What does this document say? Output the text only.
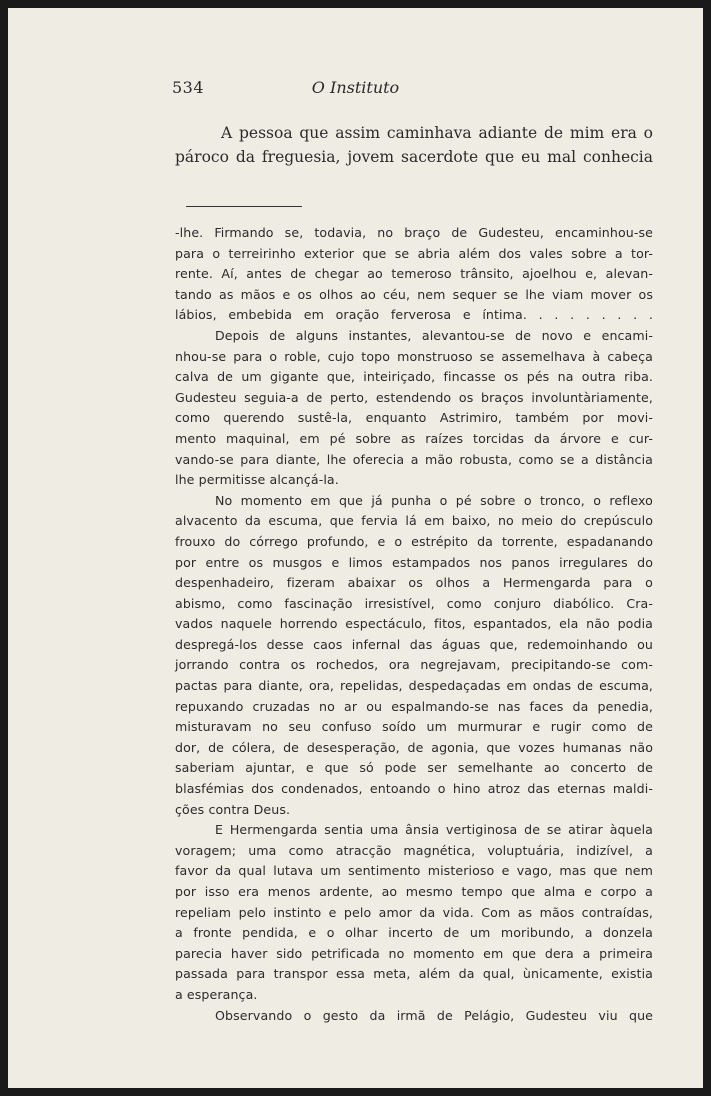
534	O Instituto
A pessoa que assim caminhava adiante de mim era o
pároco da freguesia, jovem sacerdote que eu mal conhecia
-lhe. Firmando se, todavia, no braço de Gudesteu, encaminhou-se
para o terreirinho exterior que se abria além dos vales sobre a tor-
rente. Aí, antes de chegar ao temeroso trânsito, ajoelhou e, alevan-
tando as mãos e os olhos ao céu, nem sequer se lhe viam mover os
lábios, embebida em oração ferverosa e íntima. . . . . . . . .
Depois de alguns instantes, alevantou-se de novo e encami-
nhou-se para o roble, cujo topo monstruoso se assemelhava à cabeça
calva de um gigante que, inteiriçado, fincasse os pés na outra riba.
Gudesteu seguia-a de perto, estendendo os braços involuntàriamente,
como querendo sustê-la, enquanto Astrimiro, também por movi-
mento maquinal, em pé sobre as raízes torcidas da árvore e cur-
vando-se para diante, lhe oferecia a mão robusta, como se a distância
lhe permitisse alcançá-la.
No momento em que já punha o pé sobre o tronco, o reflexo
alvacento da escuma, que fervia lá em baixo, no meio do crepúsculo
frouxo do córrego profundo, e o estrépito da torrente, espadanando
por entre os musgos e limos estampados nos panos irregulares do
despenhadeiro, fizeram abaixar os olhos a Hermengarda para o
abismo, como fascinação irresistível, como conjuro diabólico. Cra-
vados naquele horrendo espectáculo, fitos, espantados, ela não podia
despregá-los desse caos infernal das águas que, redemoinhando ou
jorrando contra os rochedos, ora negrejavam, precipitando-se com-
pactas para diante, ora, repelidas, despedaçadas em ondas de escuma,
repuxando cruzadas no ar ou espalmando-se nas faces da penedia,
misturavam no seu confuso soído um murmurar e rugir como de
dor, de cólera, de desesperação, de agonia, que vozes humanas não
saberiam ajuntar, e que só pode ser semelhante ao concerto de
blasfémias dos condenados, entoando o hino atroz das eternas maldi-
ções contra Deus.
E Hermengarda sentia uma ânsia vertiginosa de se atirar àquela
voragem; uma como atracção magnética, voluptuária, indizível, a
favor da qual lutava um sentimento misterioso e vago, mas que nem
por isso era menos ardente, ao mesmo tempo que alma e corpo a
repeliam pelo instinto e pelo amor da vida. Com as mãos contraídas,
a fronte pendida, e o olhar incerto de um moribundo, a donzela
parecia haver sido petrificada no momento em que dera a primeira
passada para transpor essa meta, além da qual, ùnicamente, existia
a esperança.
Observando o gesto da irmã de Pelágio, Gudesteu viu que
